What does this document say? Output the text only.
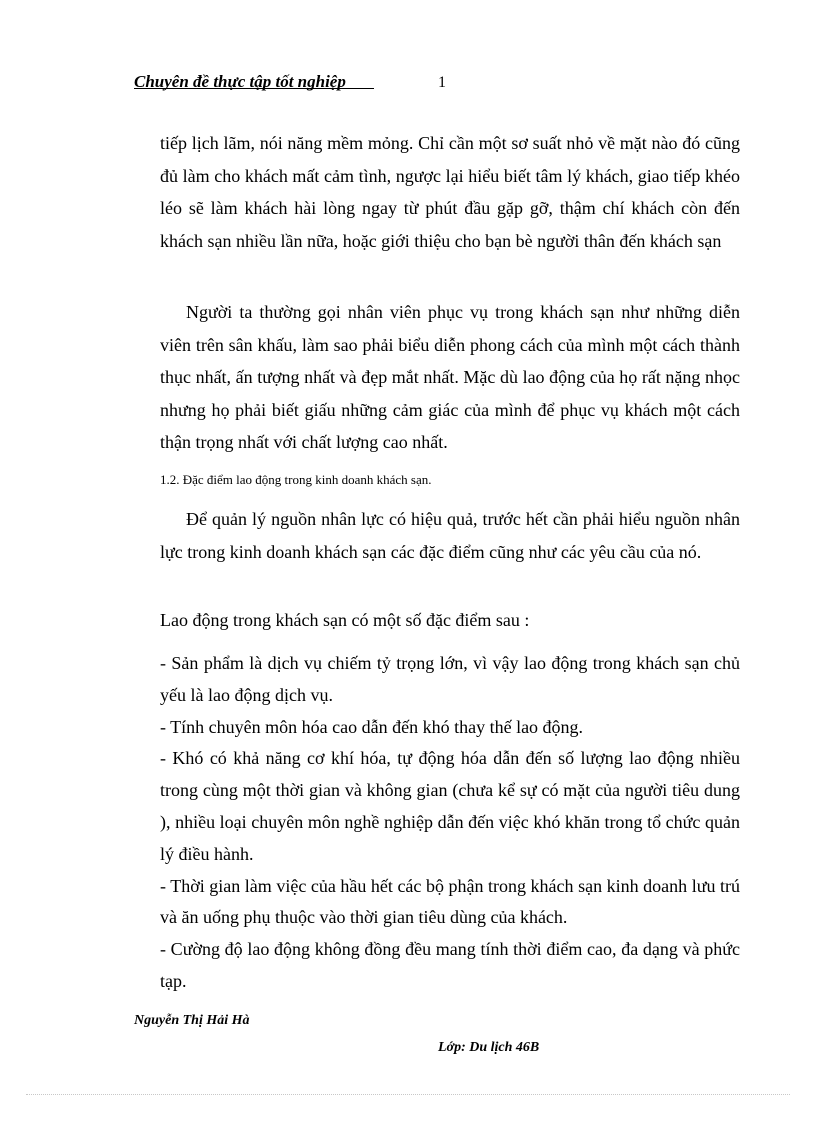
Chuyên đề thực tập tốt nghiệp	1

tiếp lịch lãm, nói năng mềm mỏng. Chỉ cần một sơ suất nhỏ về mặt nào đó cũng đủ làm cho khách mất cảm tình, ngược lại hiểu biết tâm lý khách, giao tiếp khéo léo sẽ làm khách hài lòng ngay từ phút đầu gặp gỡ, thậm chí khách còn đến khách sạn nhiều lần nữa, hoặc giới thiệu cho bạn bè người thân đến khách sạn

Người ta thường gọi nhân viên phục vụ trong khách sạn như những diễn viên trên sân khấu, làm sao phải biểu diễn phong cách của mình một cách thành thục nhất, ấn tượng nhất và đẹp mắt nhất. Mặc dù lao động của họ rất nặng nhọc nhưng họ phải biết giấu những cảm giác của mình để phục vụ khách một cách thận trọng nhất với chất lượng cao nhất.

1.2. Đặc điểm lao động trong kinh doanh khách sạn.

Để quản lý nguồn nhân lực có hiệu quả, trước hết cần phải hiểu nguồn nhân lực trong kinh doanh khách sạn các đặc điểm cũng như các yêu cầu của nó.

Lao động trong khách sạn có một số đặc điểm sau :

- Sản phẩm là dịch vụ chiếm tỷ trọng lớn, vì vậy lao động trong khách sạn chủ yếu là lao động dịch vụ.

- Tính chuyên môn hóa cao dẫn đến khó thay thế lao động.

- Khó có khả năng cơ khí hóa, tự động hóa dẫn đến số lượng lao động nhiều trong cùng một thời gian và không gian (chưa kể sự có mặt của người tiêu dung ), nhiều loại chuyên môn nghề nghiệp dẫn đến việc khó khăn trong tổ chức quản lý điều hành.

- Thời gian làm việc của hầu hết các bộ phận trong khách sạn kinh doanh lưu trú và ăn uống phụ thuộc vào thời gian tiêu dùng của khách.

- Cường độ lao động không đồng đều mang tính thời điểm cao, đa dạng và phức tạp.

Nguyễn Thị Hải Hà
Lớp: Du lịch 46B
